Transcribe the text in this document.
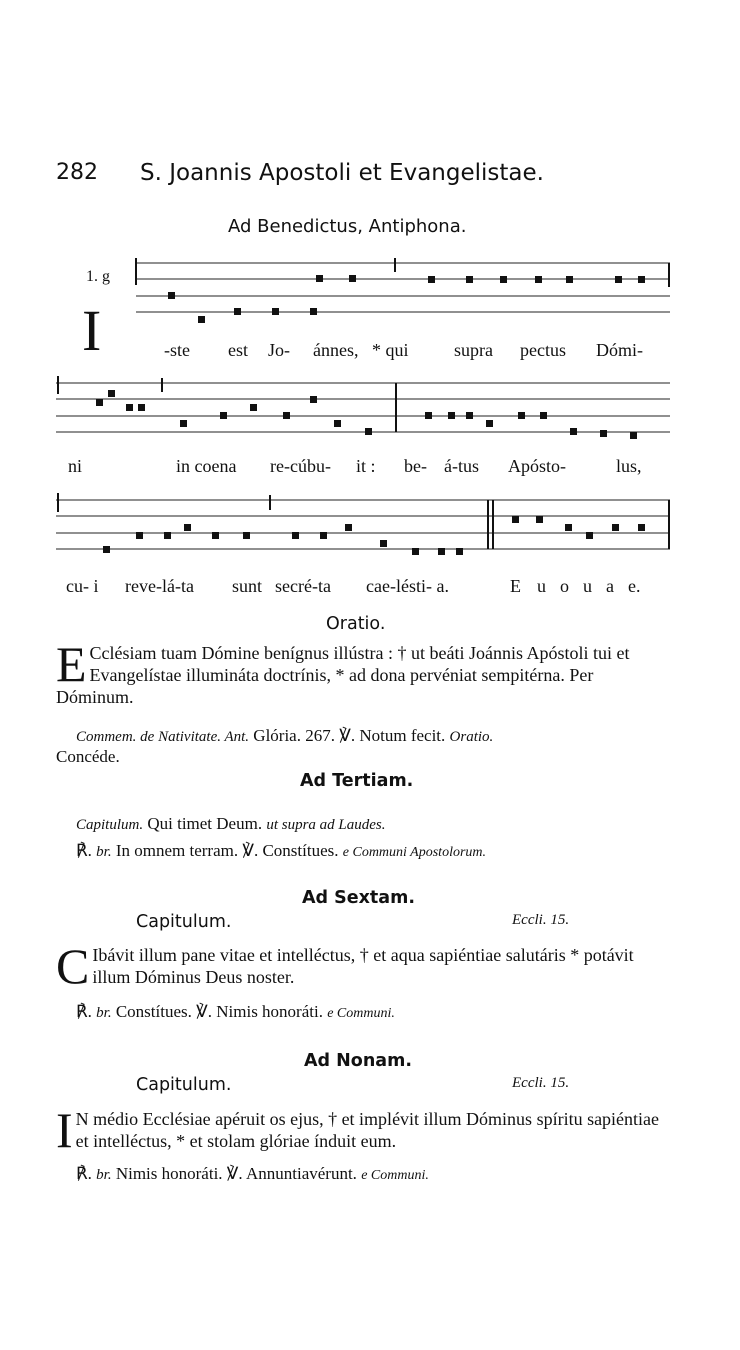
282 S. Joannis Apostoli et Evangelistae.
Ad Benedictus, Antiphona.
1. g
I	-ste est Jo- ánnes, * qui	supra pectus Dómi-
ni	in coena re-cúbu- it : be- á-tus Apósto-	lus,
cu- i reve-lá-ta sunt secré-ta cae-lésti- a.	E u o u a e.
Oratio.
E Cclésiam tuam Dómine benígnus illústra : † ut beáti Joánnis Apóstoli tui et Evangelístae illumináta doctrínis, * ad dona pervéniat sempitérna. Per Dóminum.
Commem. de Nativitate. Ant. Glória. 267. ℣. Notum fecit. Oratio.
Concéde.
Ad Tertiam.
Capitulum. Qui timet Deum. ut supra ad Laudes.
℟. br. In omnem terram. ℣. Constítues. e Communi Apostolorum.
Ad Sextam.
Capitulum.	Eccli. 15.
C Ibávit illum pane vitae et intelléctus, † et aqua sapiéntiae salutáris * potávit illum Dóminus Deus noster.
℟. br. Constítues. ℣. Nimis honoráti. e Communi.
Ad Nonam.
Capitulum.	Eccli. 15.
I N médio Ecclésiae apéruit os ejus, † et implévit illum Dóminus spíritu sapiéntiae et intelléctus, * et stolam glóriae índuit eum.
℟. br. Nimis honoráti. ℣. Annuntiavérunt. e Communi.
